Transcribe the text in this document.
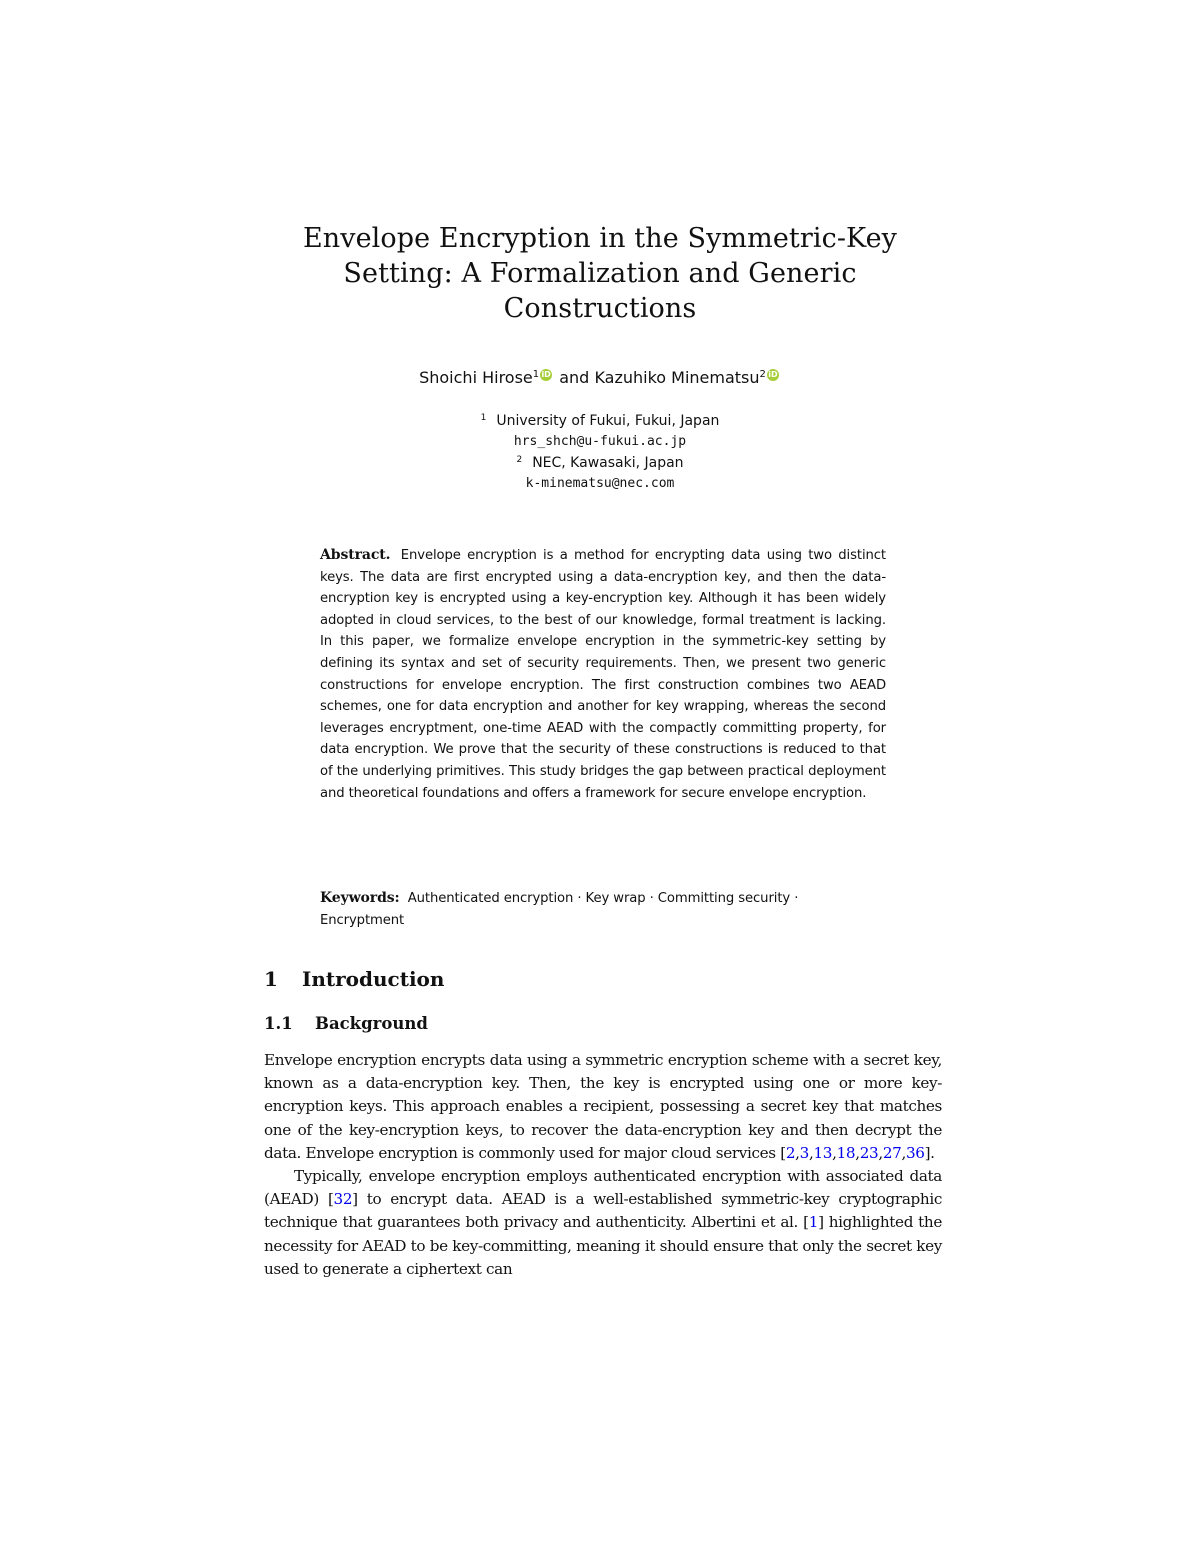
Envelope Encryption in the Symmetric-Key
Setting: A Formalization and Generic
Constructions
Shoichi Hirose$^1$ iD and Kazuhiko Minematsu$^2$ iD
$^1$ University of Fukui, Fukui, Japan
hrs_shch@u-fukui.ac.jp
$^2$ NEC, Kawasaki, Japan
k-minematsu@nec.com
Abstract. Envelope encryption is a method for encrypting data using two distinct keys. The data are first encrypted using a data-encryption key, and then the data-encryption key is encrypted using a key-encryption key. Although it has been widely adopted in cloud services, to the best of our knowledge, formal treatment is lacking. In this paper, we formalize envelope encryption in the symmetric-key setting by defining its syntax and set of security requirements. Then, we present two generic constructions for envelope encryption. The first construction combines two AEAD schemes, one for data encryption and another for key wrapping, whereas the second leverages encryptment, one-time AEAD with the compactly committing property, for data encryption. We prove that the security of these constructions is reduced to that of the underlying primitives. This study bridges the gap between practical deployment and theoretical foundations and offers a framework for secure envelope encryption.
Keywords: Authenticated encryption · Key wrap · Committing security · Encryptment
1 Introduction
1.1 Background

Envelope encryption encrypts data using a symmetric encryption scheme with a secret key, known as a data-encryption key. Then, the key is encrypted using one or more key-encryption keys. This approach enables a recipient, possessing a secret key that matches one of the key-encryption keys, to recover the data-encryption key and then decrypt the data. Envelope encryption is commonly used for major cloud services [2,3,13,18,23,27,36].

Typically, envelope encryption employs authenticated encryption with associated data (AEAD) [32] to encrypt data. AEAD is a well-established symmetric-key cryptographic technique that guarantees both privacy and authenticity. Albertini et al. [1] highlighted the necessity for AEAD to be key-committing, meaning it should ensure that only the secret key used to generate a ciphertext can
